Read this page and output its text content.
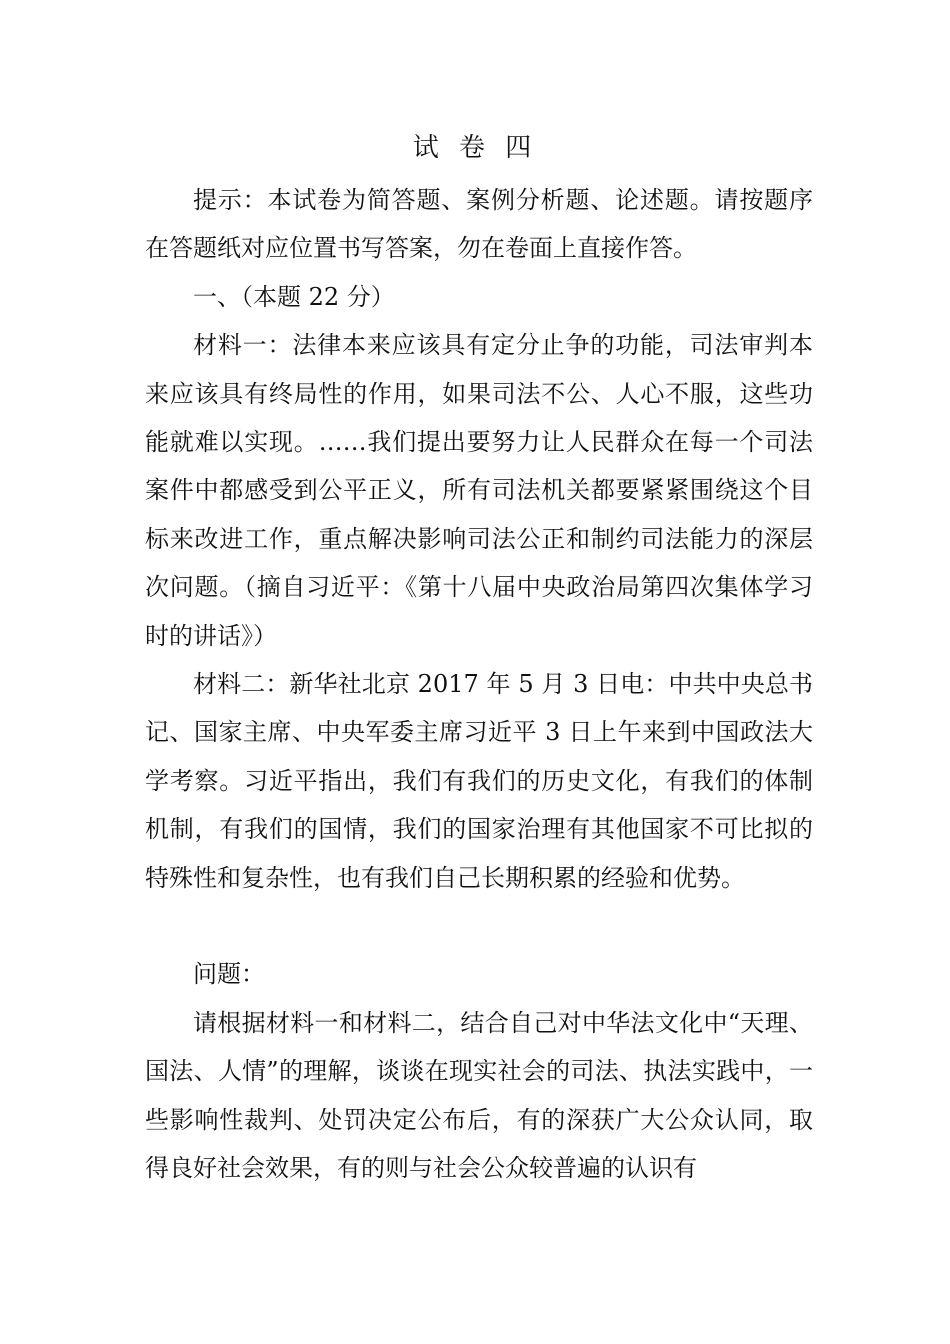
试 卷 四

提示：本试卷为简答题、案例分析题、论述题。请按题序在答题纸对应位置书写答案，勿在卷面上直接作答。

一、（本题 22 分）

材料一：法律本来应该具有定分止争的功能，司法审判本来应该具有终局性的作用，如果司法不公、人心不服，这些功能就难以实现。……我们提出要努力让人民群众在每一个司法案件中都感受到公平正义，所有司法机关都要紧紧围绕这个目标来改进工作，重点解决影响司法公正和制约司法能力的深层次问题。（摘自习近平：《第十八届中央政治局第四次集体学习时的讲话》）

材料二：新华社北京 2017 年 5 月 3 日电：中共中央总书记、国家主席、中央军委主席习近平 3 日上午来到中国政法大学考察。习近平指出，我们有我们的历史文化，有我们的体制机制，有我们的国情，我们的国家治理有其他国家不可比拟的特殊性和复杂性，也有我们自己长期积累的经验和优势。

问题：

请根据材料一和材料二，结合自己对中华法文化中“天理、国法、人情”的理解，谈谈在现实社会的司法、执法实践中，一些影响性裁判、处罚决定公布后，有的深获广大公众认同，取得良好社会效果，有的则与社会公众较普遍的认识有
